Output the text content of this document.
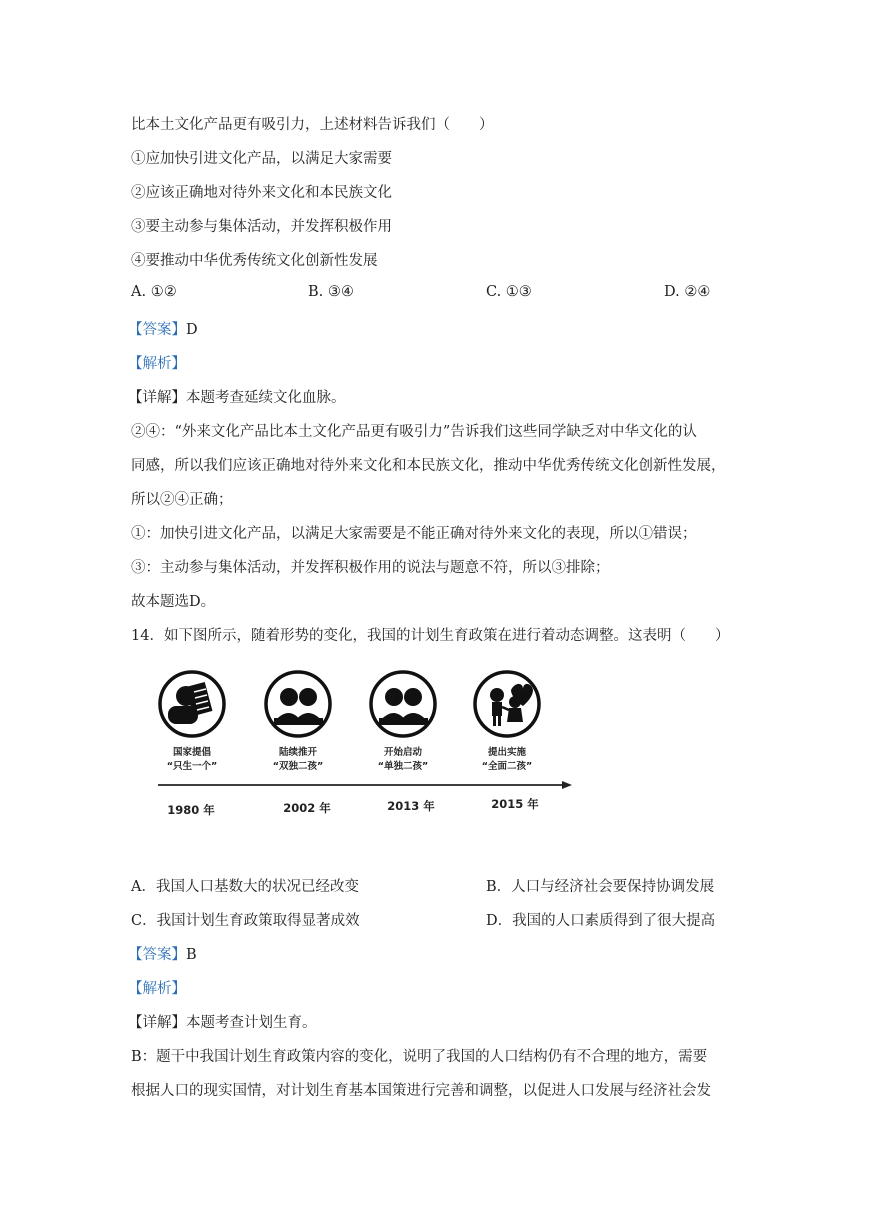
比本土文化产品更有吸引力，上述材料告诉我们（　　）
①应加快引进文化产品，以满足大家需要
②应该正确地对待外来文化和本民族文化
③要主动参与集体活动，并发挥积极作用
④要推动中华优秀传统文化创新性发展
A. ①②	B. ③④	C. ①③	D. ②④
【答案】D
【解析】
【详解】本题考查延续文化血脉。
②④：“外来文化产品比本土文化产品更有吸引力”告诉我们这些同学缺乏对中华文化的认
同感，所以我们应该正确地对待外来文化和本民族文化，推动中华优秀传统文化创新性发展，
所以②④正确；
①：加快引进文化产品，以满足大家需要是不能正确对待外来文化的表现，所以①错误；
③：主动参与集体活动，并发挥积极作用的说法与题意不符，所以③排除；
故本题选D。
14．如下图所示，随着形势的变化，我国的计划生育政策在进行着动态调整。这表明（　　）
国家提倡
“只生一个”
陆续推开
“双独二孩”
开始启动
“单独二孩”
提出实施
“全面二孩”
1980 年	2002 年	2013 年	2015 年
A．我国人口基数大的状况已经改变	B．人口与经济社会要保持协调发展
C．我国计划生育政策取得显著成效	D．我国的人口素质得到了很大提高
【答案】B
【解析】
【详解】本题考查计划生育。
B：题干中我国计划生育政策内容的变化，说明了我国的人口结构仍有不合理的地方，需要
根据人口的现实国情，对计划生育基本国策进行完善和调整，以促进人口发展与经济社会发
